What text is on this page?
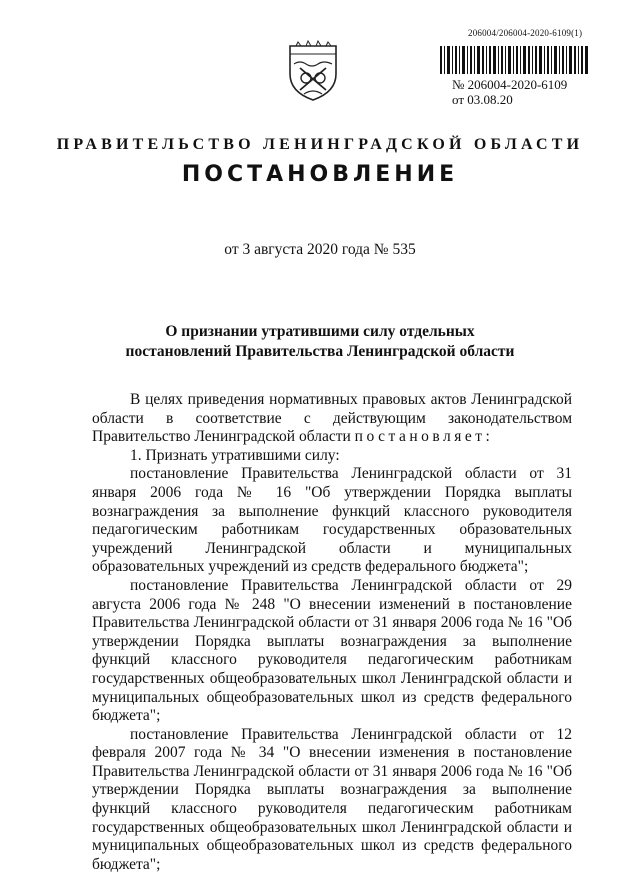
206004/206004-2020-6109(1)
№ 206004-2020-6109
от 03.08.20
ПРАВИТЕЛЬСТВО ЛЕНИНГРАДСКОЙ ОБЛАСТИ
ПОСТАНОВЛЕНИЕ
от 3 августа 2020 года № 535
О признании утратившими силу отдельных
постановлений Правительства Ленинградской области

В целях приведения нормативных правовых актов Ленинградской области в соответствие с действующим законодательством Правительство Ленинградской области постановляет:

1. Признать утратившими силу:

постановление Правительства Ленинградской области от 31 января 2006 года № 16 "Об утверждении Порядка выплаты вознаграждения за выполнение функций классного руководителя педагогическим работникам государственных образовательных учреждений Ленинградской области и муниципальных образовательных учреждений из средств федерального бюджета";

постановление Правительства Ленинградской области от 29 августа 2006 года № 248 "О внесении изменений в постановление Правительства Ленинградской области от 31 января 2006 года № 16 "Об утверждении Порядка выплаты вознаграждения за выполнение функций классного руководителя педагогическим работникам государственных общеобразовательных школ Ленинградской области и муниципальных общеобразовательных школ из средств федерального бюджета";

постановление Правительства Ленинградской области от 12 февраля 2007 года № 34 "О внесении изменения в постановление Правительства Ленинградской области от 31 января 2006 года № 16 "Об утверждении Порядка выплаты вознаграждения за выполнение функций классного руководителя педагогическим работникам государственных общеобразовательных школ Ленинградской области и муниципальных общеобразовательных школ из средств федерального бюджета";
